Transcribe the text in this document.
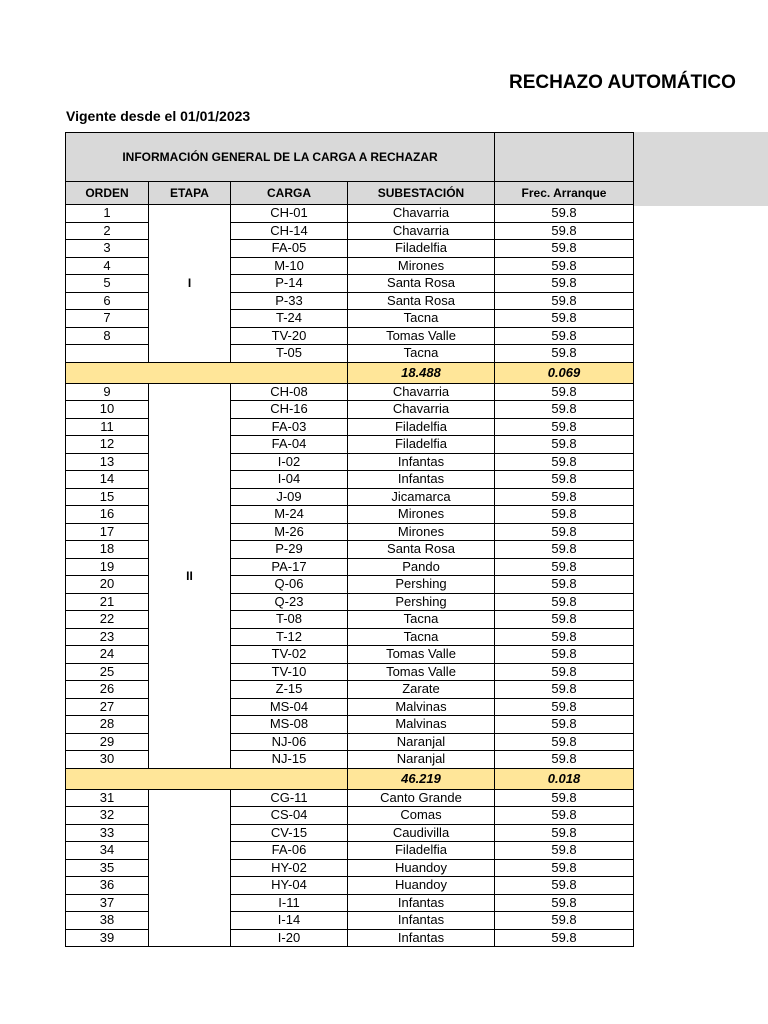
RECHAZO AUTOMÁTICO
Vigente desde el 01/01/2023
INFORMACIÓN GENERAL DE LA CARGA A RECHAZAR				
ORDEN	ETAPA	CARGA	SUBESTACIÓN	Frec. Arranque
1	I	CH-01	Chavarria	59.8
2		CH-14	Chavarria	59.8
3		FA-05	Filadelfia	59.8
4		M-10	Mirones	59.8
5		P-14	Santa Rosa	59.8
6		P-33	Santa Rosa	59.8
7		T-24	Tacna	59.8
8		TV-20	Tomas Valle	59.8
		T-05	Tacna	59.8
			18.488	0.069
9	II	CH-08	Chavarria	59.8
10		CH-16	Chavarria	59.8
11		FA-03	Filadelfia	59.8
12		FA-04	Filadelfia	59.8
13		I-02	Infantas	59.8
14		I-04	Infantas	59.8
15		J-09	Jicamarca	59.8
16		M-24	Mirones	59.8
17		M-26	Mirones	59.8
18		P-29	Santa Rosa	59.8
19		PA-17	Pando	59.8
20		Q-06	Pershing	59.8
21		Q-23	Pershing	59.8
22		T-08	Tacna	59.8
23		T-12	Tacna	59.8
24		TV-02	Tomas Valle	59.8
25		TV-10	Tomas Valle	59.8
26		Z-15	Zarate	59.8
27		MS-04	Malvinas	59.8
28		MS-08	Malvinas	59.8
29		NJ-06	Naranjal	59.8
30		NJ-15	Naranjal	59.8
			46.219	0.018
31		CG-11	Canto Grande	59.8
32		CS-04	Comas	59.8
33		CV-15	Caudivilla	59.8
34		FA-06	Filadelfia	59.8
35		HY-02	Huandoy	59.8
36		HY-04	Huandoy	59.8
37		I-11	Infantas	59.8
38		I-14	Infantas	59.8
39		I-20	Infantas	59.8
